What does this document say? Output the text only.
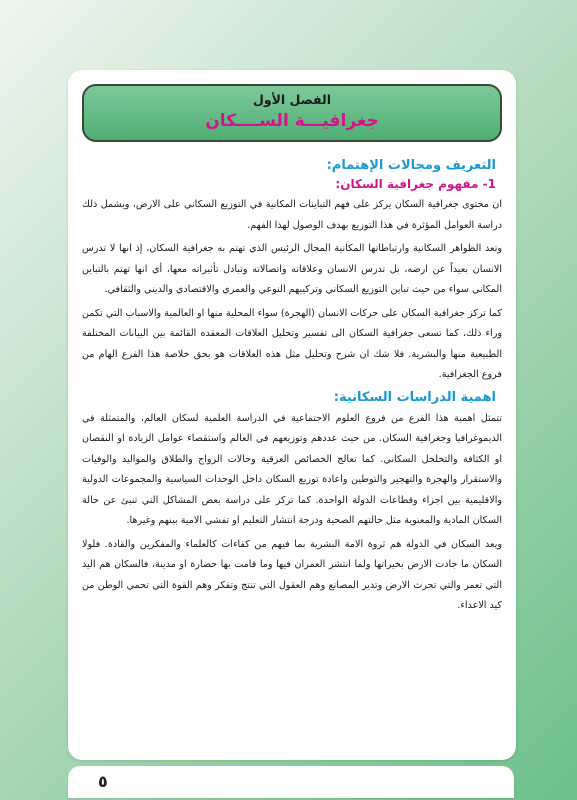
الفصل الأول
جغرافيـــة الســــكان
التعريف ومجالات الإهتمام:
1- مفهوم جغرافية السكان:

ان محتوى جغرافية السكان يركز على فهم التباينات المكانية في التوزيع السكاني على الارض، ويشمل ذلك دراسة العوامل المؤثرة في هذا التوزيع بهدف الوصول لهذا الفهم.

وتعد الظواهر السكانية وارتباطاتها المكانية المجال الرئيس الذي تهتم به جغرافية السكان، إذ انها لا تدرس الانسان بعيداً عن ارضه، بل تدرس الانسان وعلاقاته واتصالاته وتبادل تأثيراته معها، أي انها تهتم بالتباين المكاني سواء من حيث تباين التوزيع السكاني وتركيبهم النوعي والعمري والاقتصادي والديني والثقافي.

كما تركز جغرافية السكان على حركات الانسان (الهجرة) سواء المحلية منها او العالمية والاسباب التي تكمن وراء ذلك، كما تسعى جغرافية السكان الى تفسير وتحليل العلاقات المعقده القائمة بين البيانات المختلفة الطبيعية منها والبشرية. فلا شك ان شرح وتحليل مثل هذه العلاقات هو بحق خلاصة هذا الفرع الهام من فروع الجغرافية.

اهمية الدراسات السكانية:

تتمثل اهمية هذا الفرع من فروع العلوم الاجتماعية في الدراسة العلمية لسكان العالم، والمتمثلة في الديموغرافيا وجغرافية السكان. من حيث عددهم وتوزيعهم في العالم واستقصاء عوامل الزيادة او النقصان او الكثافة والتخلخل السكاني. كما تعالج الخصائص العرقية وحالات الزواج والطلاق والمواليد والوفيات والاستقرار والهجرة والتهجير والتوطين واعادة توزيع السكان داخل الوحدات السياسية والمجموعات الدولية والاقليمية بين اجزاء وقطاعات الدولة الواحدة. كما تركز على دراسة بعض المشاكل التي تنبئ عن حالة السكان المادية والمعنوية مثل حالتهم الصحية ودرجة انتشار التعليم او تفشي الامية بينهم وغيرها.

ويعد السكان في الدولة هم ثروة الامة البشرية بما فيهم من كفاءات كالعلماء والمفكرين والقادة. فلولا السكان ما جادت الارض بخيراتها ولما انتشر العمران فيها وما قامت بها حضارة او مدينة، فالسكان هم اليد التي تعمر والتي تحرث الارض وتدير المصانع وهم العقول التي تنتج وتفكر وهم القوة التي تحمي الوطن من كيد الاعداء.

٥
